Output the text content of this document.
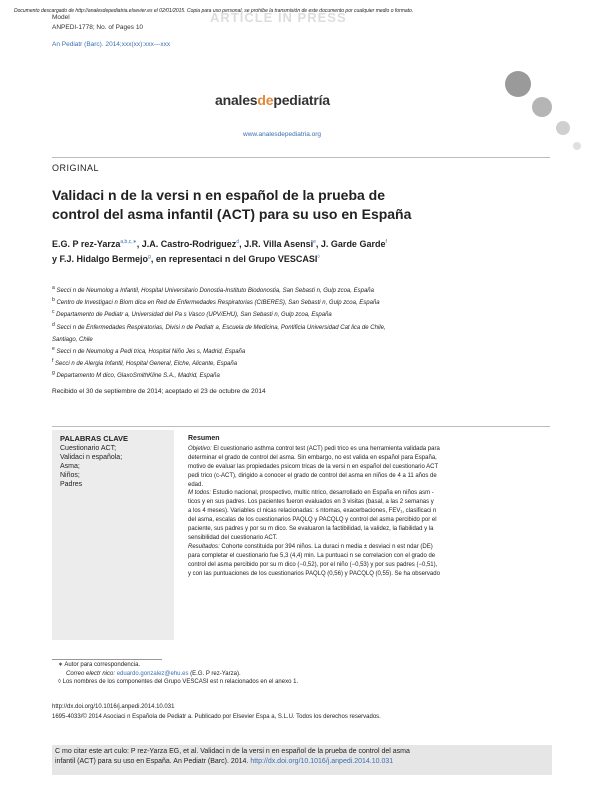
Documento descargado de http://analesdepediatria.elsevier.es el 02/01/2015. Copia para uso personal, se prohíbe la transmisión de este documento por cualquier medio o formato.
ARTICLE IN PRESS
Model
ANPEDI-1778; No. of Pages 10
An Pediatr (Barc). 2014;xxx(xx):xxx---xxx
analesdepediatría
www.analesdepediatria.org
ORIGINAL
Validaci n de la versi n en español de la prueba de
control del asma infantil (ACT) para su uso en España
E.G. P rez-Yarza$^{a,b,c,∗}$, J.A. Castro-Rodriguez$^d$, J.R. Villa Asensi$^e$, J. Garde Garde$^f$
y F.J. Hidalgo Bermejo$^g$, en representaci n del Grupo VESCASI◊
$^a$ Secci n de Neumolog a Infantil, Hospital Universitario Donostia-Instituto Biodonostia, San Sebasti n, Gulp zcoa, España
$^b$ Centro de Investigaci n Biom dica en Red de Enfermedades Respiratorias (CIBERES), San Sebasti n, Gulp zcoa, España
$^c$ Departamento de Pediatr a, Universidad del Pa s Vasco (UPV/EHU), San Sebasti n, Gulp zcoa, España
$^d$ Secci n de Enfermedades Respiratorias, Divisi n de Pediatr a, Escuela de Medicina, Pontificia Universidad Cat lica de Chile,
Santiago, Chile
$^e$ Secci n de Neumolog a Pedi trica, Hospital Niño Jes s, Madrid, España
$^f$ Secci n de Alergia Infantil, Hospital General, Elche, Alicante, España
$^g$ Departamento M dico, GlaxoSmithKline S.A., Madrid, España
Recibido el 30 de septiembre de 2014; aceptado el 23 de octubre de 2014
PALABRAS CLAVE
Cuestionario ACT;
Validaci n española;
Asma;
Niños;
Padres
Resumen
Objetivo: El cuestionario asthma control test (ACT) pedi trico es una herramienta validada para
determinar el grado de control del asma. Sin embargo, no est valida en español para España,
motivo de evaluar las propiedades psicom tricas de la versi n en español del cuestionario ACT
pedi trico (c-ACT), dirigido a conocer el grado de control del asma en niños de 4 a 11 años de
edad.
M todos: Estudio nacional, prospectivo, multic ntrico, desarrollado en España en niños asm -
ticos y en sus padres. Los pacientes fueron evaluados en 3 visitas (basal, a las 2 semanas y
a los 4 meses). Variables cl nicas relacionadas: s ntomas, exacerbaciones, FEV₁, clasificaci n
del asma, escalas de los cuestionarios PAQLQ y PACQLQ y control del asma percibido por el
paciente, sus padres y por su m dico. Se evaluaron la factibilidad, la validez, la fiabilidad y la
sensibilidad del cuestionario ACT.
Resultados: Cohorte constituida por 394 niños. La duraci n media ± desviaci n est ndar (DE)
para completar el cuestionario fue 5,3 (4,4) min. La puntuaci n se correlacion con el grado de
control del asma percibido por su m dico (−0,52), por el niño (−0,53) y por sus padres (−0,51),
y con las puntuaciones de los cuestionarios PAQLQ (0,56) y PACQLQ (0,55). Se ha observado
∗ Autor para correspondencia.
Correo electr nico: eduardo.gonzalez@ehu.es (E.G. P rez-Yarza).
◊ Los nombres de los componentes del Grupo VESCASI est n relacionados en el anexo 1.
http://dx.doi.org/10.1016/j.anpedi.2014.10.031
1695-4033/© 2014 Asociaci n Española de Pediatr a. Publicado por Elsevier Espa a, S.L.U. Todos los derechos reservados.
C mo citar este art culo: P rez-Yarza EG, et al. Validaci n de la versi n en español de la prueba de control del asma
infantil (ACT) para su uso en España. An Pediatr (Barc). 2014. http://dx.doi.org/10.1016/j.anpedi.2014.10.031
